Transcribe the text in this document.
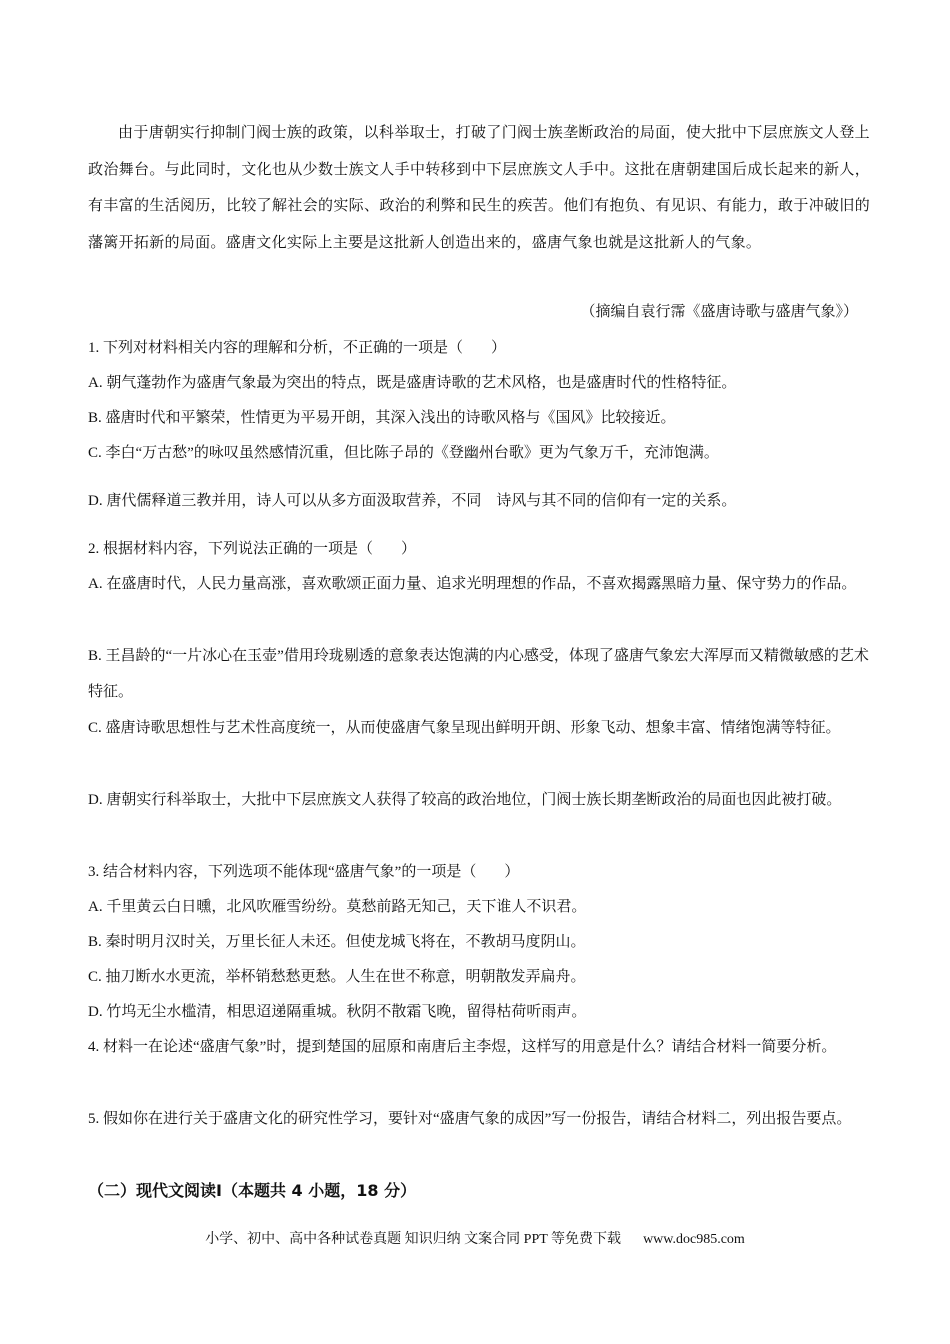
由于唐朝实行抑制门阀士族的政策，以科举取士，打破了门阀士族垄断政治的局面，使大批中下层庶族文人登上政治舞台。与此同时，文化也从少数士族文人手中转移到中下层庶族文人手中。这批在唐朝建国后成长起来的新人，有丰富的生活阅历，比较了解社会的实际、政治的利弊和民生的疾苦。他们有抱负、有见识、有能力，敢于冲破旧的藩篱开拓新的局面。盛唐文化实际上主要是这批新人创造出来的，盛唐气象也就是这批新人的气象。

（摘编自袁行霈《盛唐诗歌与盛唐气象》）
1. 下列对材料相关内容的理解和分析，不正确的一项是（ ）
A. 朝气蓬勃作为盛唐气象最为突出的特点，既是盛唐诗歌的艺术风格，也是盛唐时代的性格特征。
B. 盛唐时代和平繁荣，性情更为平易开朗，其深入浅出的诗歌风格与《国风》比较接近。
C. 李白“万古愁”的咏叹虽然感情沉重，但比陈子昂的《登幽州台歌》更为气象万千，充沛饱满。
D. 唐代儒释道三教并用，诗人可以从多方面汲取营养，不同　诗风与其不同的信仰有一定的关系。
2. 根据材料内容，下列说法正确的一项是（ ）
A. 在盛唐时代，人民力量高涨，喜欢歌颂正面力量、追求光明理想的作品，不喜欢揭露黑暗力量、保守势力的作品。
B. 王昌龄的“一片冰心在玉壶”借用玲珑剔透的意象表达饱满的内心感受，体现了盛唐气象宏大浑厚而又精微敏感的艺术特征。
C. 盛唐诗歌思想性与艺术性高度统一，从而使盛唐气象呈现出鲜明开朗、形象飞动、想象丰富、情绪饱满等特征。
D. 唐朝实行科举取士，大批中下层庶族文人获得了较高的政治地位，门阀士族长期垄断政治的局面也因此被打破。
3. 结合材料内容，下列选项不能体现“盛唐气象”的一项是（ ）
A. 千里黄云白日曛，北风吹雁雪纷纷。莫愁前路无知己，天下谁人不识君。
B. 秦时明月汉时关，万里长征人未还。但使龙城飞将在，不教胡马度阴山。
C. 抽刀断水水更流，举杯销愁愁更愁。人生在世不称意，明朝散发弄扁舟。
D. 竹坞无尘水槛清，相思迢递隔重城。秋阴不散霜飞晚，留得枯荷听雨声。
4. 材料一在论述“盛唐气象”时，提到楚国的屈原和南唐后主李煜，这样写的用意是什么？请结合材料一简要分析。
5. 假如你在进行关于盛唐文化的研究性学习，要针对“盛唐气象的成因”写一份报告，请结合材料二，列出报告要点。
（二）现代文阅读Ⅰ（本题共 4 小题，18 分）
小学、初中、高中各种试卷真题 知识归纳 文案合同 PPT 等免费下载 www.doc985.com
